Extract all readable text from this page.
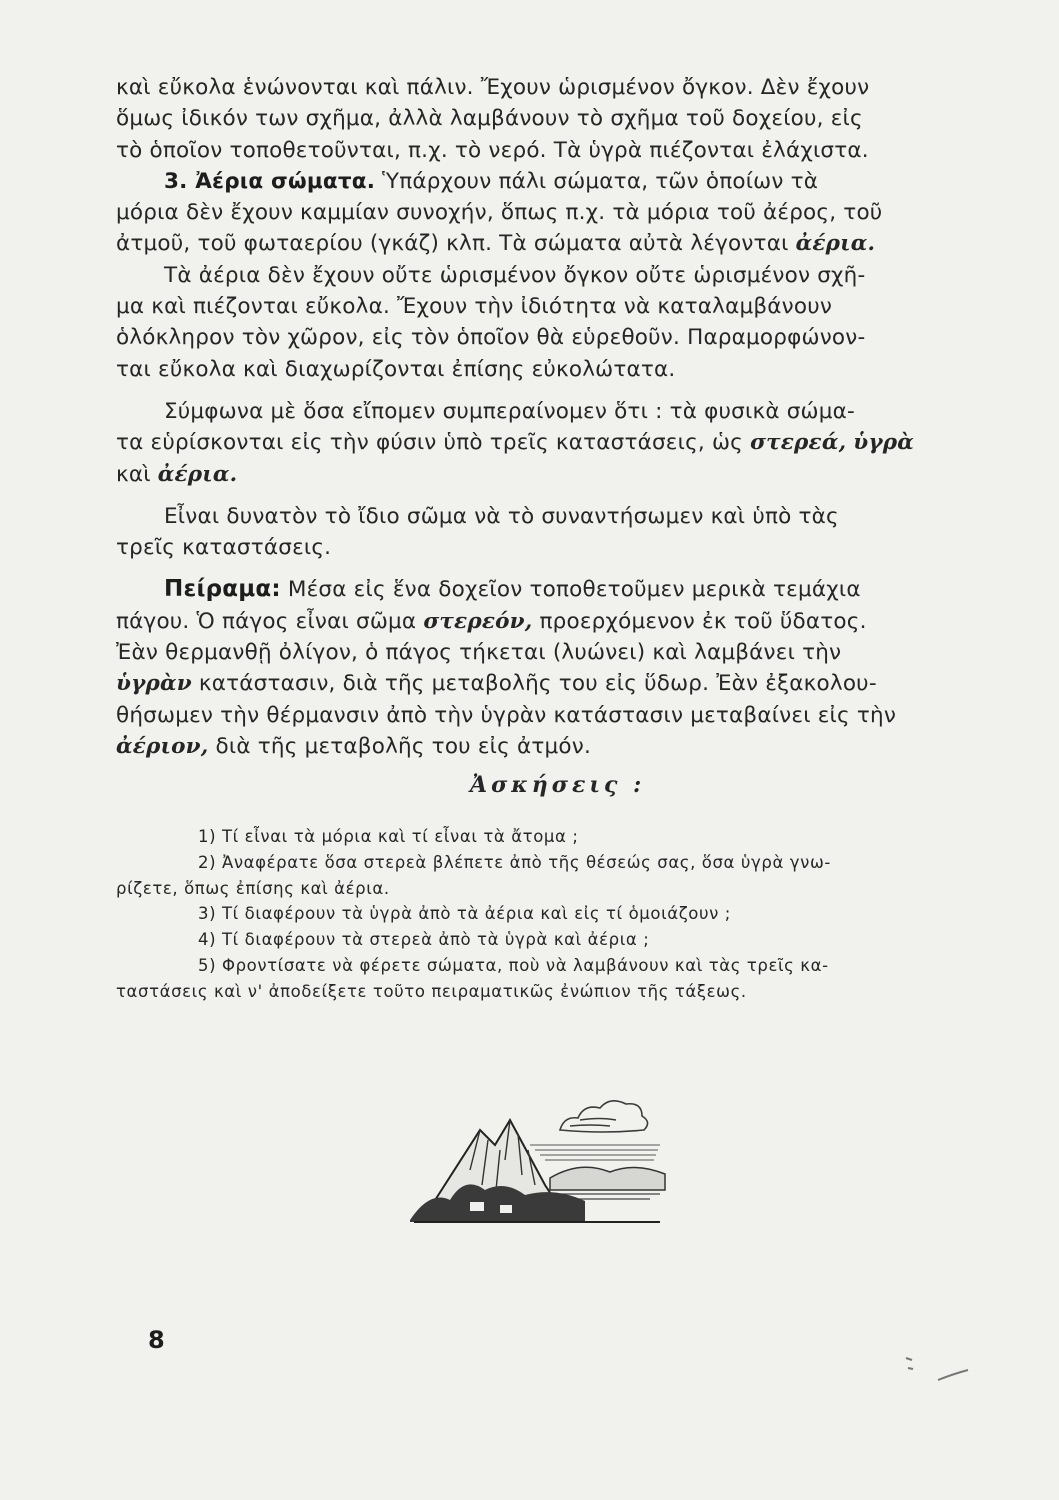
καὶ εὔκολα ἑνώνονται καὶ πάλιν. Ἔχουν ὡρισμένον ὄγκον. Δὲν ἔχουν
ὅμως ἰδικόν των σχῆμα, ἀλλὰ λαμβάνουν τὸ σχῆμα τοῦ δοχείου, εἰς
τὸ ὁποῖον τοποθετοῦνται, π.χ. τὸ νερό. Τὰ ὑγρὰ πιέζονται ἐλάχιστα.
3. Ἀέρια σώματα. Ὑπάρχουν πάλι σώματα, τῶν ὁποίων τὰ
μόρια δὲν ἔχουν καμμίαν συνοχήν, ὅπως π.χ. τὰ μόρια τοῦ ἀέρος, τοῦ
ἀτμοῦ, τοῦ φωταερίου (γκάζ) κλπ. Τὰ σώματα αὐτὰ λέγονται ἀέρια.
Τὰ ἀέρια δὲν ἔχουν οὔτε ὡρισμένον ὄγκον οὔτε ὡρισμένον σχῆ-
μα καὶ πιέζονται εὔκολα. Ἔχουν τὴν ἰδιότητα νὰ καταλαμβάνουν
ὁλόκληρον τὸν χῶρον, εἰς τὸν ὁποῖον θὰ εὑρεθοῦν. Παραμορφώνον-
ται εὔκολα καὶ διαχωρίζονται ἐπίσης εὐκολώτατα.
Σύμφωνα μὲ ὅσα εἴπομεν συμπεραίνομεν ὅτι : τὰ φυσικὰ σώμα-
τα εὑρίσκονται εἰς τὴν φύσιν ὑπὸ τρεῖς καταστάσεις, ὡς στερεά, ὑγρὰ
καὶ ἀέρια.
Εἶναι δυνατὸν τὸ ἴδιο σῶμα νὰ τὸ συναντήσωμεν καὶ ὑπὸ τὰς
τρεῖς καταστάσεις.
Πείραμα: Μέσα εἰς ἕνα δοχεῖον τοποθετοῦμεν μερικὰ τεμάχια
πάγου. Ὁ πάγος εἶναι σῶμα στερεόν, προερχόμενον ἐκ τοῦ ὕδατος.
Ἐὰν θερμανθῇ ὀλίγον, ὁ πάγος τήκεται (λυώνει) καὶ λαμβάνει τὴν
ὑγρὰν κατάστασιν, διὰ τῆς μεταβολῆς του εἰς ὕδωρ. Ἐὰν ἐξακολου-
θήσωμεν τὴν θέρμανσιν ἀπὸ τὴν ὑγρὰν κατάστασιν μεταβαίνει εἰς τὴν
ἀέριον, διὰ τῆς μεταβολῆς του εἰς ἀτμόν.
Ἀσκήσεις :
1) Τί εἶναι τὰ μόρια καὶ τί εἶναι τὰ ἄτομα ;
2) Ἀναφέρατε ὅσα στερεὰ βλέπετε ἀπὸ τῆς θέσεώς σας, ὅσα ὑγρὰ γνω-
ρίζετε, ὅπως ἐπίσης καὶ ἀέρια.
3) Τί διαφέρουν τὰ ὑγρὰ ἀπὸ τὰ ἀέρια καὶ εἰς τί ὁμοιάζουν ;
4) Τί διαφέρουν τὰ στερεὰ ἀπὸ τὰ ὑγρὰ καὶ ἀέρια ;
5) Φροντίσατε νὰ φέρετε σώματα, ποὺ νὰ λαμβάνουν καὶ τὰς τρεῖς κα-
ταστάσεις καὶ ν' ἀποδείξετε τοῦτο πειραματικῶς ἐνώπιον τῆς τάξεως.
8
